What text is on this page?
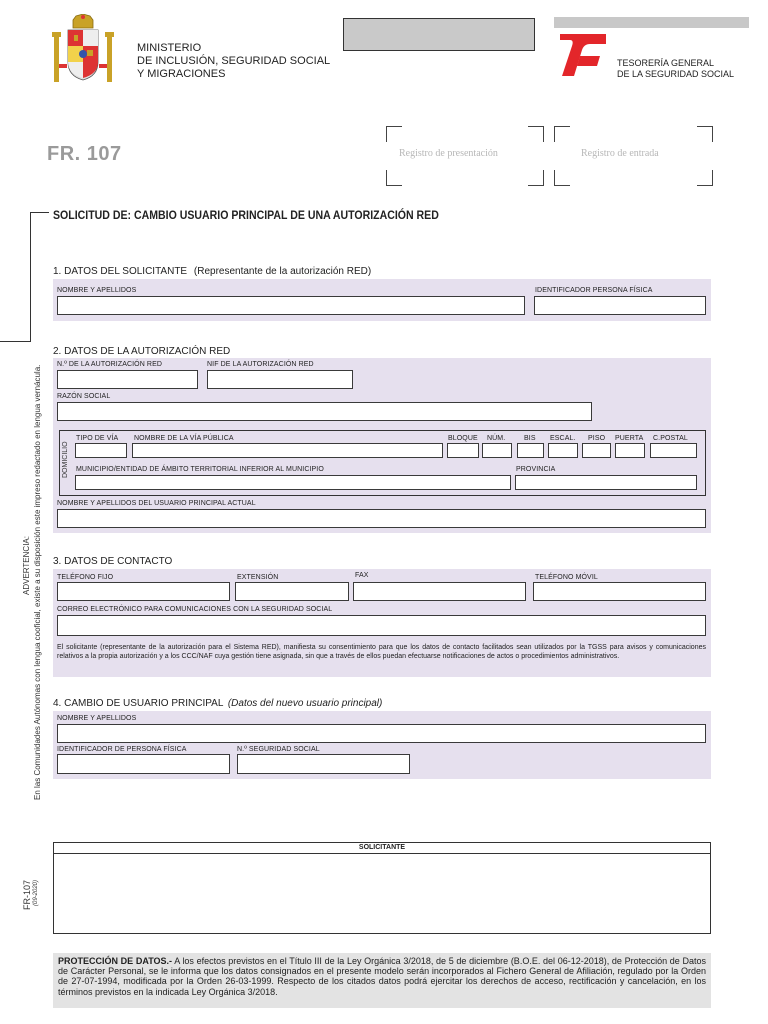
MINISTERIO
DE INCLUSIÓN, SEGURIDAD SOCIAL
Y MIGRACIONES
TESORERÍA GENERAL
DE LA SEGURIDAD SOCIAL
FR. 107	Registro de presentación	Registro de entrada
SOLICITUD DE: CAMBIO USUARIO PRINCIPAL DE UNA AUTORIZACIÓN RED
1. DATOS DEL SOLICITANTE (Representante de la autorización RED)
NOMBRE Y APELLIDOS	IDENTIFICADOR PERSONA FÍSICA
2. DATOS DE LA AUTORIZACIÓN RED
N.º DE LA AUTORIZACIÓN RED	NIF DE LA AUTORIZACIÓN RED
RAZÓN SOCIAL
DOMICILIO
TIPO DE VÍA NOMBRE DE LA VÍA PÚBLICA	BLOQUE NÚM.	BIS ESCAL. PISO PUERTA C.POSTAL
MUNICIPIO/ENTIDAD DE ÁMBITO TERRITORIAL INFERIOR AL MUNICIPIO	PROVINCIA
NOMBRE Y APELLIDOS DEL USUARIO PRINCIPAL ACTUAL
3. DATOS DE CONTACTO
TELÉFONO FIJO	EXTENSIÓN	FAX	TELÉFONO MÓVIL
CORREO ELECTRÓNICO PARA COMUNICACIONES CON LA SEGURIDAD SOCIAL
El solicitante (representante de la autorización para el Sistema RED), manifiesta su consentimiento para que los datos de contacto facilitados sean utilizados por la TGSS para avisos y comunicaciones relativos a la propia autorización y a los CCC/NAF cuya gestión tiene asignada, sin que a través de ellos puedan efectuarse notificaciones de actos o procedimientos administrativos.
4. CAMBIO DE USUARIO PRINCIPAL (Datos del nuevo usuario principal)
NOMBRE Y APELLIDOS
IDENTIFICADOR DE PERSONA FÍSICA	N.º SEGURIDAD SOCIAL
SOLICITANTE
PROTECCIÓN DE DATOS.- A los efectos previstos en el Título III de la Ley Orgánica 3/2018, de 5 de diciembre (B.O.E. del 06-12-2018), de Protección de Datos de Carácter Personal, se le informa que los datos consignados en el presente modelo serán incorporados al Fichero General de Afiliación, regulado por la Orden de 27-07-1994, modificada por la Orden 26-03-1999. Respecto de los citados datos podrá ejercitar los derechos de acceso, rectificación y cancelación, en los términos previstos en la indicada Ley Orgánica 3/2018.
ADVERTENCIA: En las Comunidades Autónomas con lengua cooficial, existe a su disposición este impreso redactado en lengua vernácula.
FR-107 (09-2020)
